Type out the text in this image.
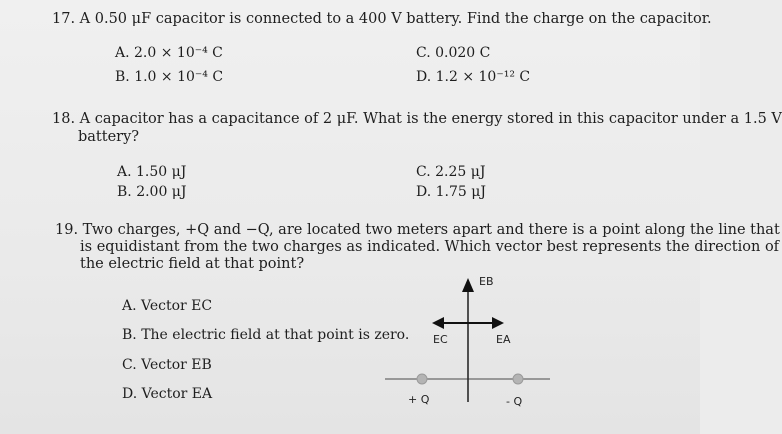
17. A 0.50 μF capacitor is connected to a 400 V battery. Find the charge on the capacitor.
A. 2.0 × 10⁻⁴ C
B. 1.0 × 10⁻⁴ C
C. 0.020 C
D. 1.2 × 10⁻¹² C
18. A capacitor has a capacitance of 2 μF. What is the energy stored in this capacitor under a 1.5 V
battery?
A. 1.50 μJ
B. 2.00 μJ
C. 2.25 μJ
D. 1.75 μJ
19. Two charges, +Q and −Q, are located two meters apart and there is a point along the line that
is equidistant from the two charges as indicated. Which vector best represents the direction of
the electric field at that point?
A. Vector EC
B. The electric field at that point is zero.
C. Vector EB
D. Vector EA
EB
EC	EA
+ Q	- Q
